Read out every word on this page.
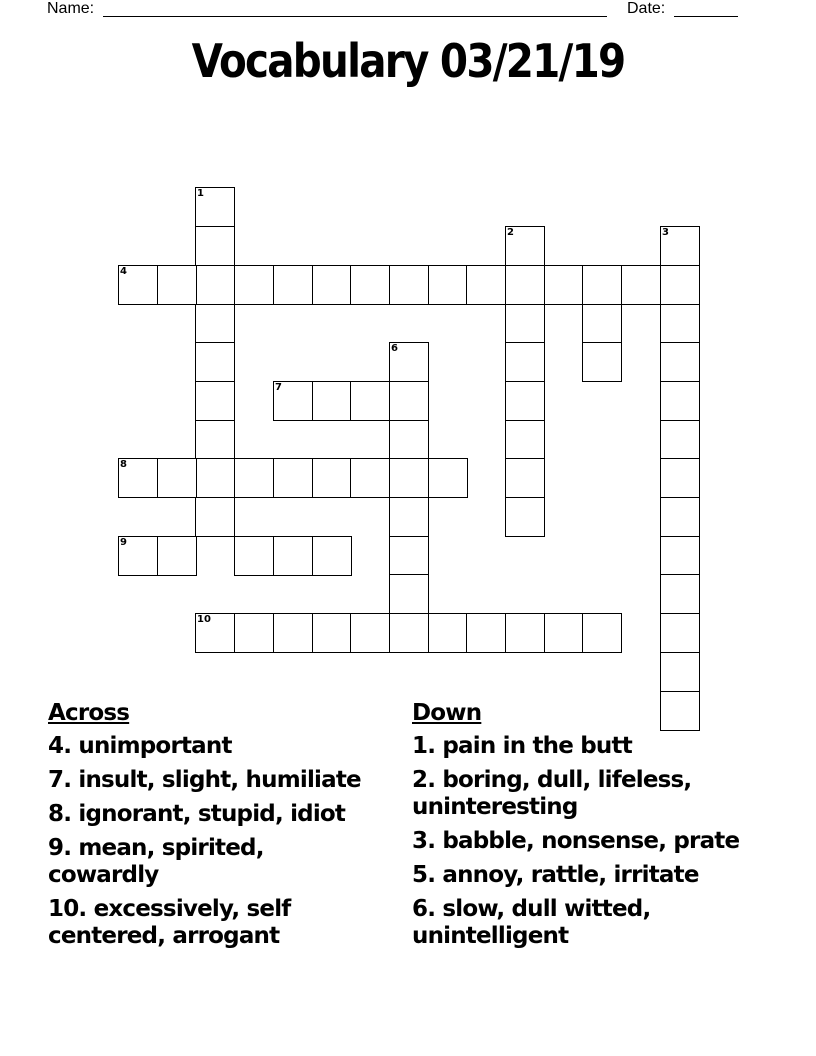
Name:	Date:
Vocabulary 03/21/19
1
4
2	3
6
7
8
9
10
Across
4. unimportant
7. insult, slight, humiliate
8. ignorant, stupid, idiot
9. mean, spirited, cowardly
10. excessively, self centered, arrogant
Down
1. pain in the butt
2. boring, dull, lifeless, uninteresting
3. babble, nonsense, prate
5. annoy, rattle, irritate
6. slow, dull witted, unintelligent
